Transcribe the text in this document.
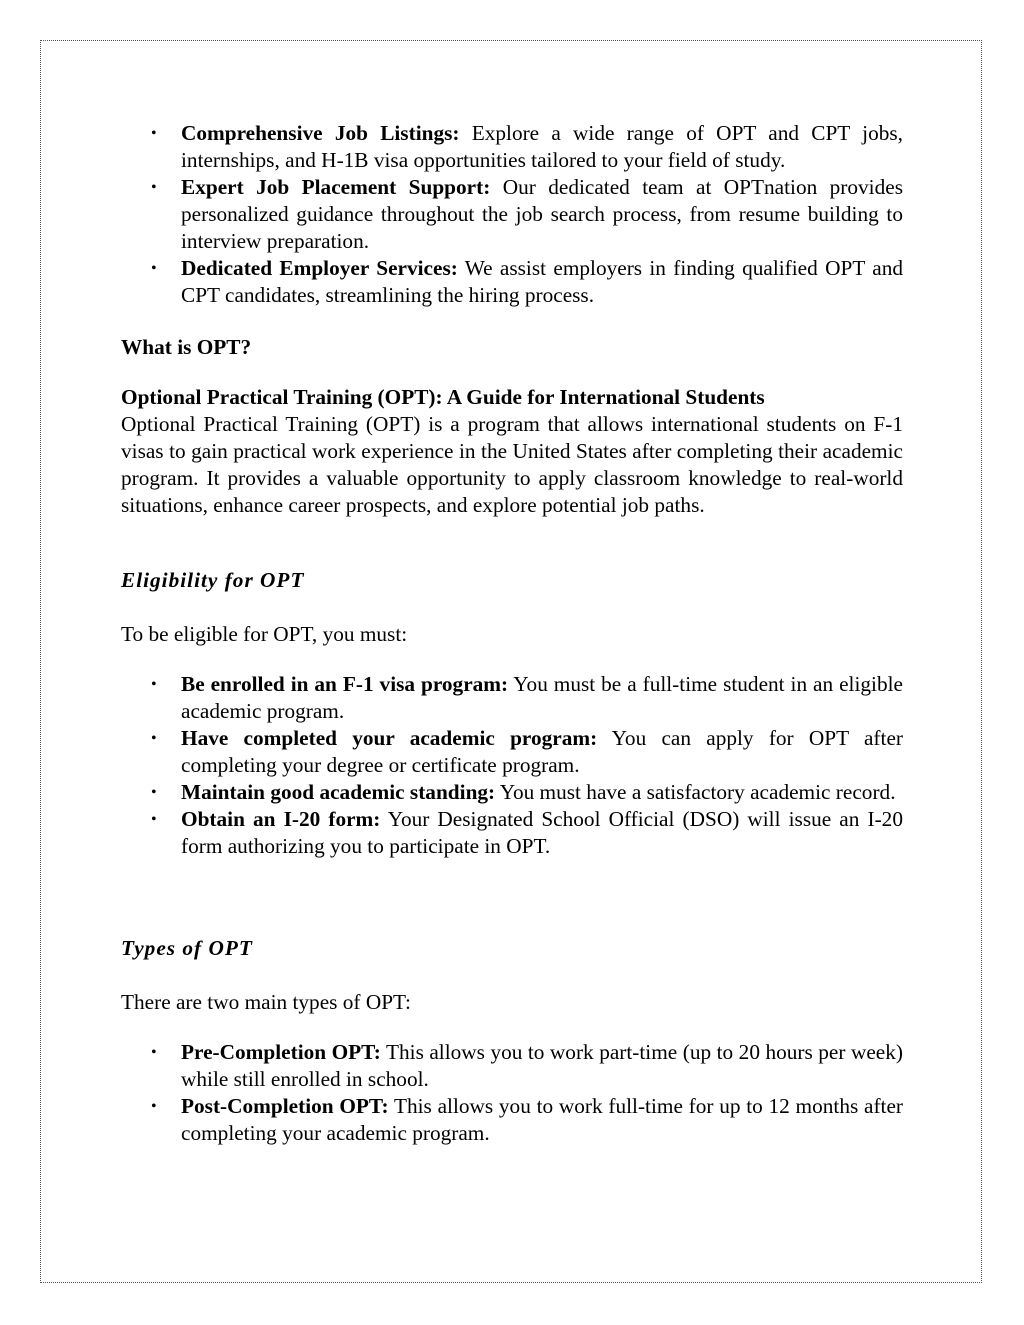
• Comprehensive Job Listings: Explore a wide range of OPT and CPT jobs, internships, and H-1B visa opportunities tailored to your field of study.
• Expert Job Placement Support: Our dedicated team at OPTnation provides personalized guidance throughout the job search process, from resume building to interview preparation.
• Dedicated Employer Services: We assist employers in finding qualified OPT and CPT candidates, streamlining the hiring process.

What is OPT?

Optional Practical Training (OPT): A Guide for International Students

Optional Practical Training (OPT) is a program that allows international students on F-1 visas to gain practical work experience in the United States after completing their academic program. It provides a valuable opportunity to apply classroom knowledge to real-world situations, enhance career prospects, and explore potential job paths.

Eligibility for OPT

To be eligible for OPT, you must:

• Be enrolled in an F-1 visa program: You must be a full-time student in an eligible academic program.
• Have completed your academic program: You can apply for OPT after completing your degree or certificate program.
• Maintain good academic standing: You must have a satisfactory academic record.
• Obtain an I-20 form: Your Designated School Official (DSO) will issue an I-20 form authorizing you to participate in OPT.

Types of OPT

There are two main types of OPT:

• Pre-Completion OPT: This allows you to work part-time (up to 20 hours per week) while still enrolled in school.
• Post-Completion OPT: This allows you to work full-time for up to 12 months after completing your academic program.
